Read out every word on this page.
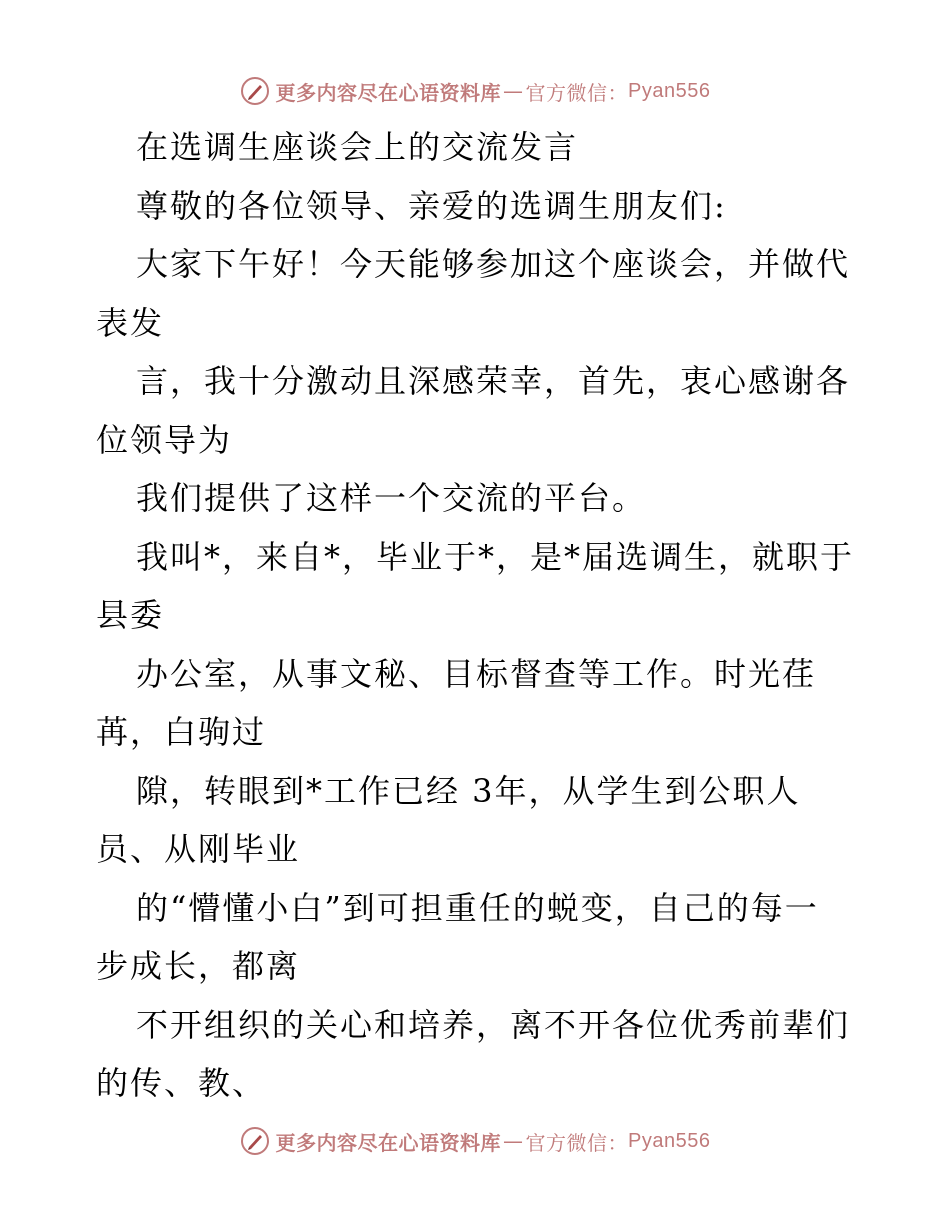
更多内容尽在心语资料库 — 官方微信： Pyan556
在选调生座谈会上的交流发言
尊敬的各位领导、亲爱的选调生朋友们:
大家下午好！今天能够参加这个座谈会，并做代
表发
言，我十分激动且深感荣幸，首先，衷心感谢各
位领导为
我们提供了这样一个交流的平台。
我叫*，来自*，毕业于*，是*届选调生，就职于
县委
办公室，从事文秘、目标督查等工作。时光荏
苒，白驹过
隙，转眼到*工作已经 3年，从学生到公职人
员、从刚毕业
的“懵懂小白”到可担重任的蜕变，自己的每一
步成长，都离
不开组织的关心和培养，离不开各位优秀前辈们
的传、教、
更多内容尽在心语资料库 — 官方微信： Pyan556
